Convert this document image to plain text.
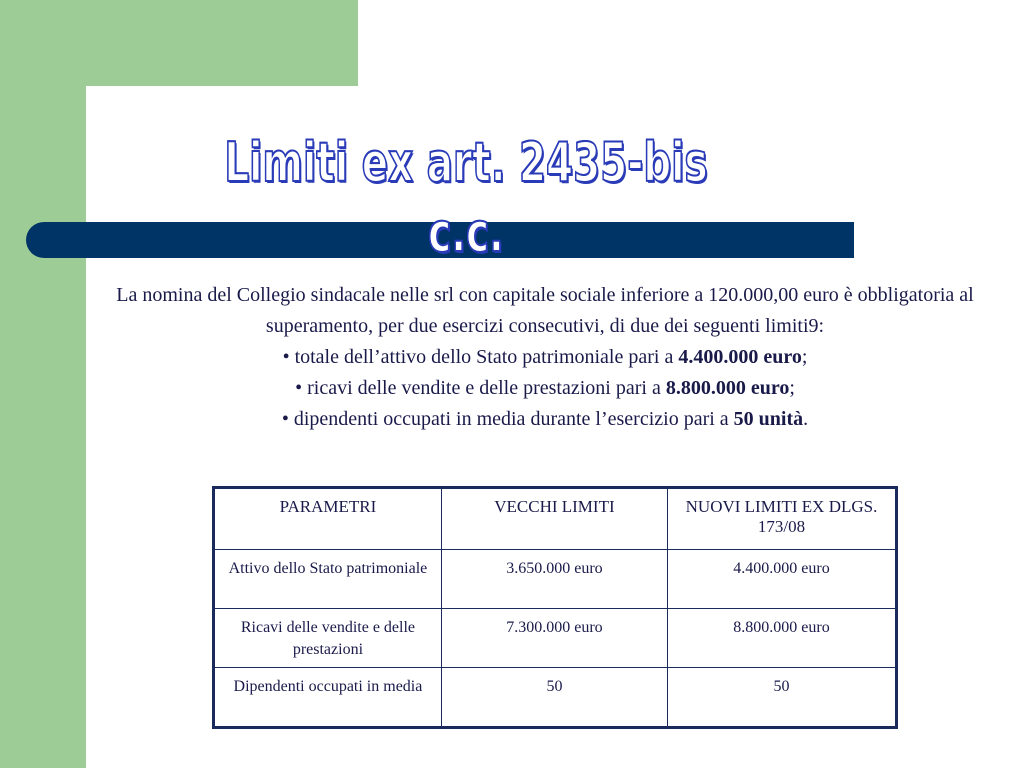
Limiti ex art. 2435-bis c.c.

La nomina del Collegio sindacale nelle srl con capitale sociale inferiore a 120.000,00 euro è obbligatoria al superamento, per due esercizi consecutivi, di due dei seguenti limiti9:

• totale dell’attivo dello Stato patrimoniale pari a 4.400.000 euro;

• ricavi delle vendite e delle prestazioni pari a 8.800.000 euro;

• dipendenti occupati in media durante l’esercizio pari a 50 unità.

PARAMETRI	VECCHI LIMITI	NUOVI LIMITI EX DLGS. 173/08
Attivo dello Stato patrimoniale	3.650.000 euro	4.400.000 euro
Ricavi delle vendite e delle prestazioni	7.300.000 euro	8.800.000 euro
Dipendenti occupati in media	50	50
